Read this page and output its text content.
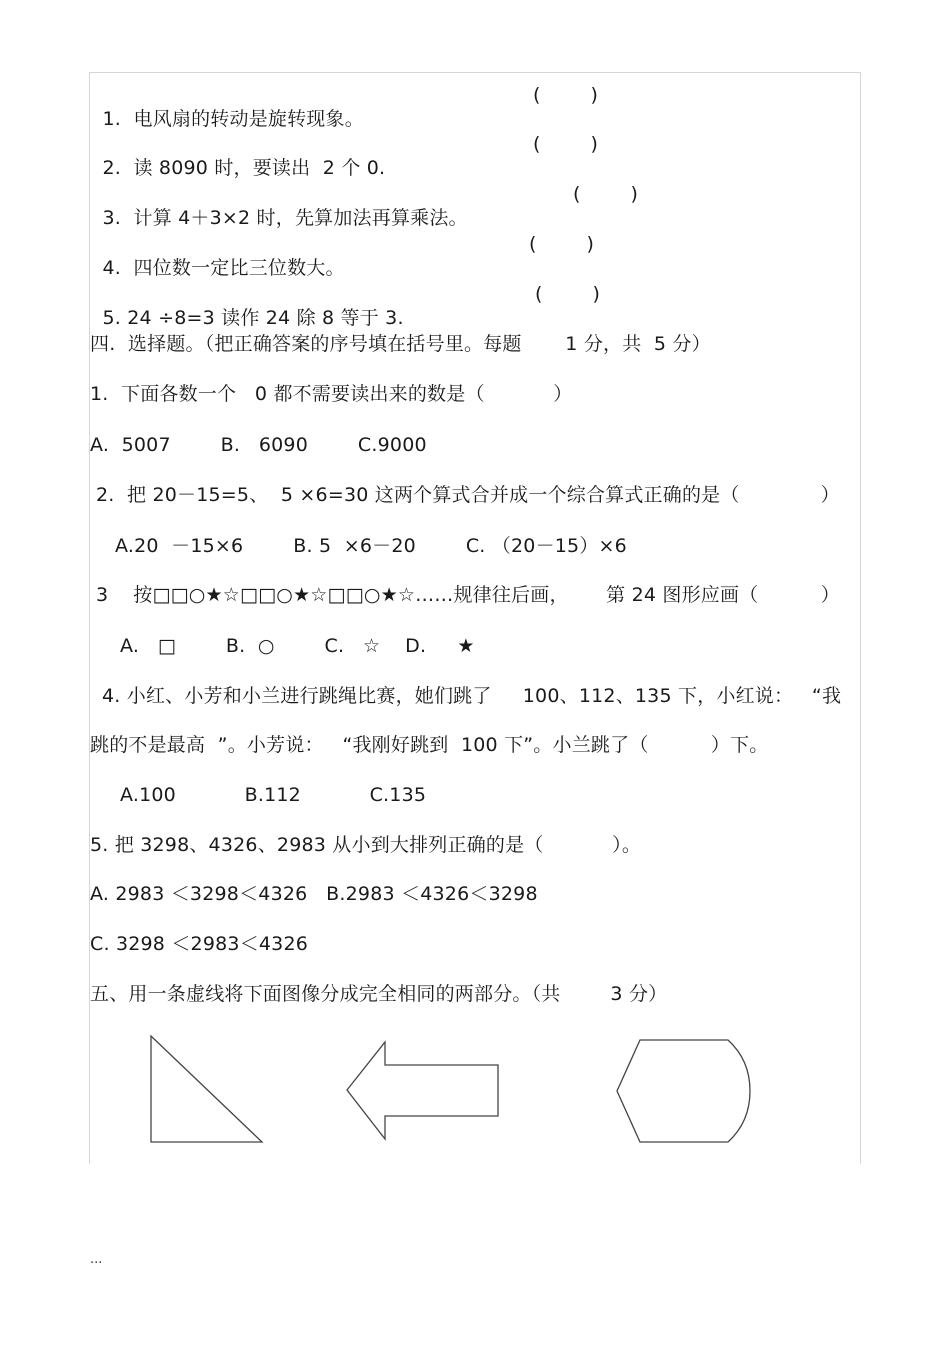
1.  电风扇的转动是旋转现象。

(        )

2.  读 8090 时，要读出  2 个 0.

(        )

3.  计算 4＋3×2 时，先算加法再算乘法。

(        )

4.  四位数一定比三位数大。

(        )

5. 24 ÷8=3 读作 24 除 8 等于 3.

(        )
四.  选择题。（把正确答案的序号填在括号里。每题       1 分，共  5 分）
1.  下面各数一个   0 都不需要读出来的数是（           ）
A.  5007        B.   6090        C.9000
2.  把 20－15=5、  5 ×6=30 这两个算式合并成一个综合算式正确的是（             ）
A.20  －15×6        B. 5  ×6－20        C. （20－15）×6
3    按□□○★☆□□○★☆□□○★☆……规律往后画，      第 24 图形应画（          ）
A.   □        B.  ○        C.   ☆    D.     ★
4. 小红、小芳和小兰进行跳绳比赛，她们跳了     100、112、135 下，小红说：   “我
跳的不是最高  ”。小芳说：   “我刚好跳到  100 下”。小兰跳了（          ）下。
A.100           B.112           C.135
5. 把 3298、4326、2983 从小到大排列正确的是（           ）。
A. 2983 ＜3298＜4326   B.2983 ＜4326＜3298
C. 3298 ＜2983＜4326
五、用一条虚线将下面图像分成完全相同的两部分。（共        3 分）
...
